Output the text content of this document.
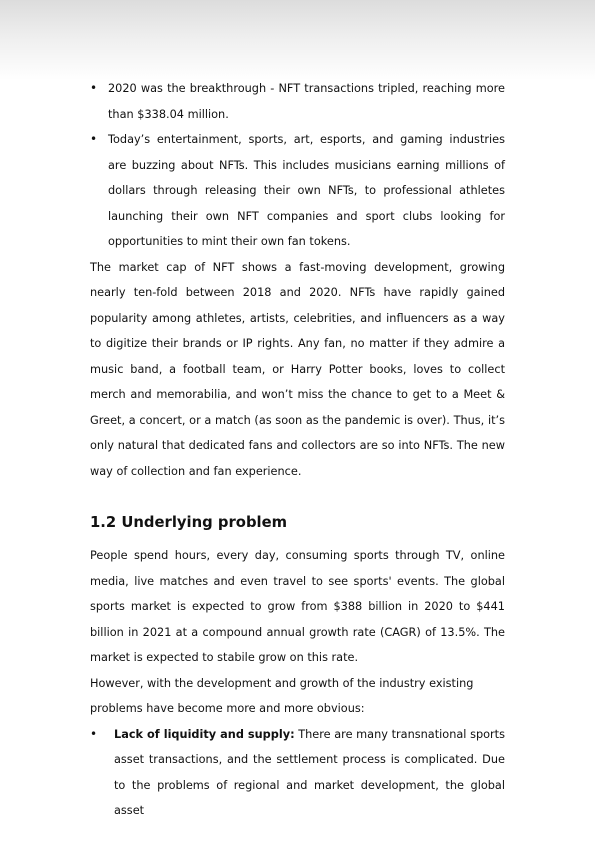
• 2020 was the breakthrough - NFT transactions tripled, reaching more than $338.04 million.
• Today’s entertainment, sports, art, esports, and gaming industries are buzzing about NFTs. This includes musicians earning millions of dollars through releasing their own NFTs, to professional athletes launching their own NFT companies and sport clubs looking for opportunities to mint their own fan tokens.

The market cap of NFT shows a fast-moving development, growing nearly ten-fold between 2018 and 2020. NFTs have rapidly gained popularity among athletes, artists, celebrities, and influencers as a way to digitize their brands or IP rights. Any fan, no matter if they admire a music band, a football team, or Harry Potter books, loves to collect merch and memorabilia, and won’t miss the chance to get to a Meet & Greet, a concert, or a match (as soon as the pandemic is over). Thus, it’s only natural that dedicated fans and collectors are so into NFTs. The new way of collection and fan experience.

1.2 Underlying problem

People spend hours, every day, consuming sports through TV, online media, live matches and even travel to see sports' events. The global sports market is expected to grow from $388 billion in 2020 to $441 billion in 2021 at a compound annual growth rate (CAGR) of 13.5%. The market is expected to stabile grow on this rate.

However, with the development and growth of the industry existing problems have become more and more obvious:

• Lack of liquidity and supply: There are many transnational sports asset transactions, and the settlement process is complicated. Due to the problems of regional and market development, the global asset
